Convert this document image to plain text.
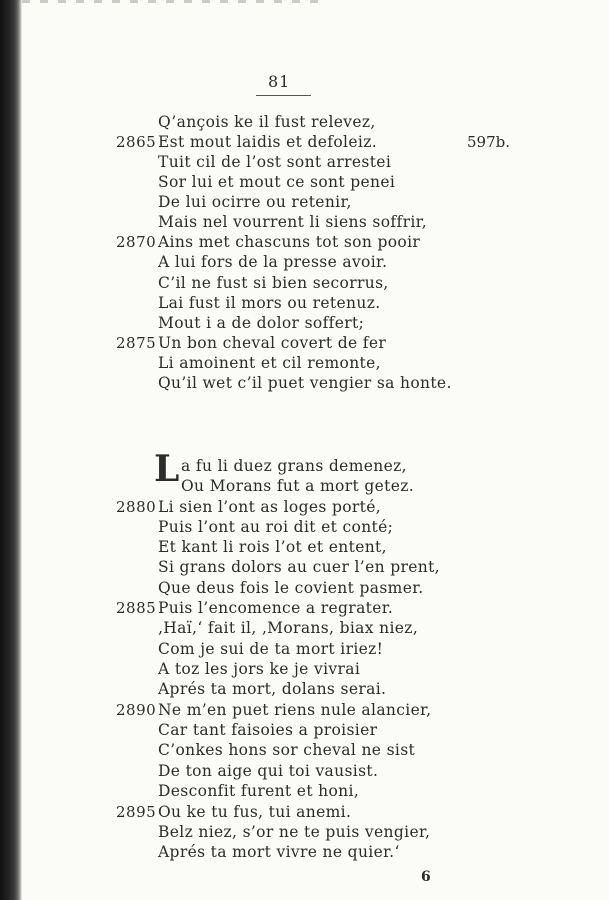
81
597b.
2865
2870
2875
Q’ançois ke il fust relevez,
Est mout laidis et defoleiz.
Tuit cil de l’ost sont arrestei
Sor lui et mout ce sont penei
De lui ocirre ou retenir,
Mais nel vourrent li siens soffrir,
Ains met chascuns tot son pooir
A lui fors de la presse avoir.
C’il ne fust si bien secorrus,
Lai fust il mors ou retenuz.
Mout i a de dolor soffert;
Un bon cheval covert de fer
Li amoinent et cil remonte,
Qu’il wet c’il puet vengier sa honte.
L
2880
2885
2890
2895
a fu li duez grans demenez,
Ou Morans fut a mort getez.
Li sien l’ont as loges porté,
Puis l’ont au roi dit et conté;
Et kant li rois l’ot et entent,
Si grans dolors au cuer l’en prent,
Que deus fois le covient pasmer.
Puis l’encomence a regrater.
‚Haï,‘ fait il, ‚Morans, biax niez,
Com je sui de ta mort iriez!
A toz les jors ke je vivrai
Aprés ta mort, dolans serai.
Ne m’en puet riens nule alancier,
Car tant faisoies a proisier
C’onkes hons sor cheval ne sist
De ton aige qui toi vausist.
Desconfit furent et honi,
Ou ke tu fus, tui anemi.
Belz niez, s’or ne te puis vengier,
Aprés ta mort vivre ne quier.‘
6
